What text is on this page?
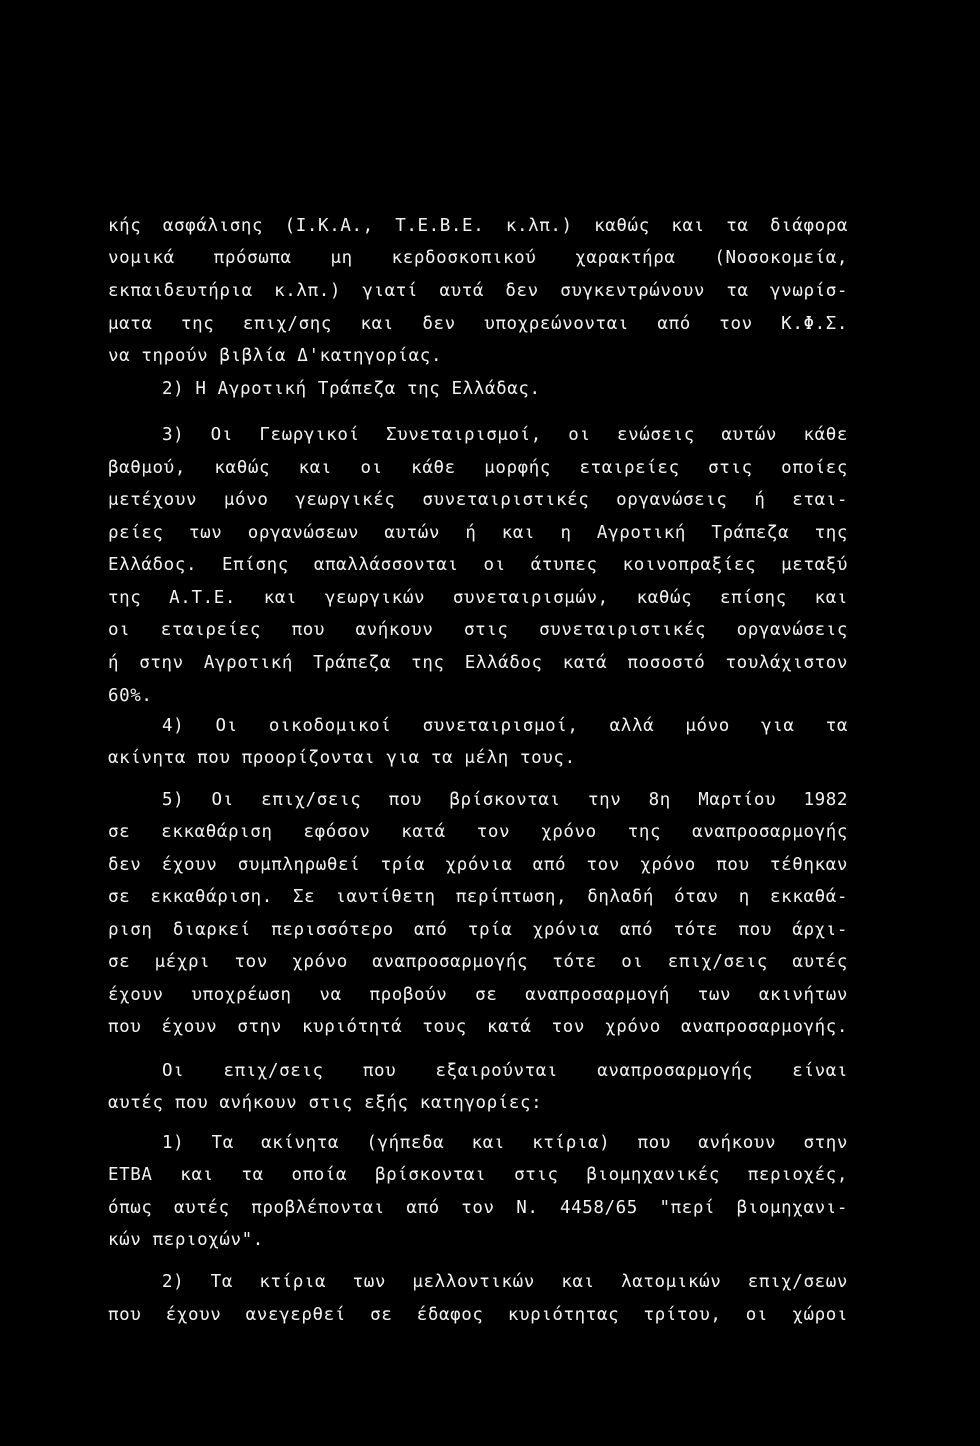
κής ασφάλισης (Ι.Κ.Α., Τ.Ε.Β.Ε. κ.λπ.) καθώς και τα διάφορα
νομικά πρόσωπα μη κερδοσκοπικού χαρακτήρα (Νοσοκομεία,
εκπαιδευτήρια κ.λπ.) γιατί αυτά δεν συγκεντρώνουν τα γνωρίσ-
ματα της επιχ/σης και δεν υποχρεώνονται από τον Κ.Φ.Σ.
να τηρούν βιβλία Δ'κατηγορίας.
2) Η Αγροτική Τράπεζα της Ελλάδας.
3) Οι Γεωργικοί Συνεταιρισμοί, οι ενώσεις αυτών κάθε
βαθμού, καθώς και οι κάθε μορφής εταιρείες στις οποίες
μετέχουν μόνο γεωργικές συνεταιριστικές οργανώσεις ή εται-
ρείες των οργανώσεων αυτών ή και η Αγροτική Τράπεζα της
Ελλάδος. Επίσης απαλλάσσονται οι άτυπες κοινοπραξίες μεταξύ
της Α.Τ.Ε. και γεωργικών συνεταιρισμών, καθώς επίσης και
οι εταιρείες που ανήκουν στις συνεταιριστικές οργανώσεις
ή στην Αγροτική Τράπεζα της Ελλάδος κατά ποσοστό τουλάχιστον
60%.
4) Οι οικοδομικοί συνεταιρισμοί, αλλά μόνο για τα
ακίνητα που προορίζονται για τα μέλη τους.
5) Οι επιχ/σεις που βρίσκονται την 8η Μαρτίου 1982
σε εκκαθάριση εφόσον κατά τον χρόνο της αναπροσαρμογής
δεν έχουν συμπληρωθεί τρία χρόνια από τον χρόνο που τέθηκαν
σε εκκαθάριση. Σε ιαντίθετη περίπτωση, δηλαδή όταν η εκκαθά-
ριση διαρκεί περισσότερο από τρία χρόνια από τότε που άρχι-
σε μέχρι τον χρόνο αναπροσαρμογής τότε οι επιχ/σεις αυτές
έχουν υποχρέωση να προβούν σε αναπροσαρμογή των ακινήτων
που έχουν στην κυριότητά τους κατά τον χρόνο αναπροσαρμογής.
Οι επιχ/σεις που εξαιρούνται αναπροσαρμογής είναι
αυτές που ανήκουν στις εξής κατηγορίες:
1) Τα ακίνητα (γήπεδα και κτίρια) που ανήκουν στην
ΕΤΒΑ και τα οποία βρίσκονται στις βιομηχανικές περιοχές,
όπως αυτές προβλέπονται από τον Ν. 4458/65 "περί βιομηχανι-
κών περιοχών".
2) Τα κτίρια των μελλοντικών και λατομικών επιχ/σεων
που έχουν ανεγερθεί σε έδαφος κυριότητας τρίτου, οι χώροι
